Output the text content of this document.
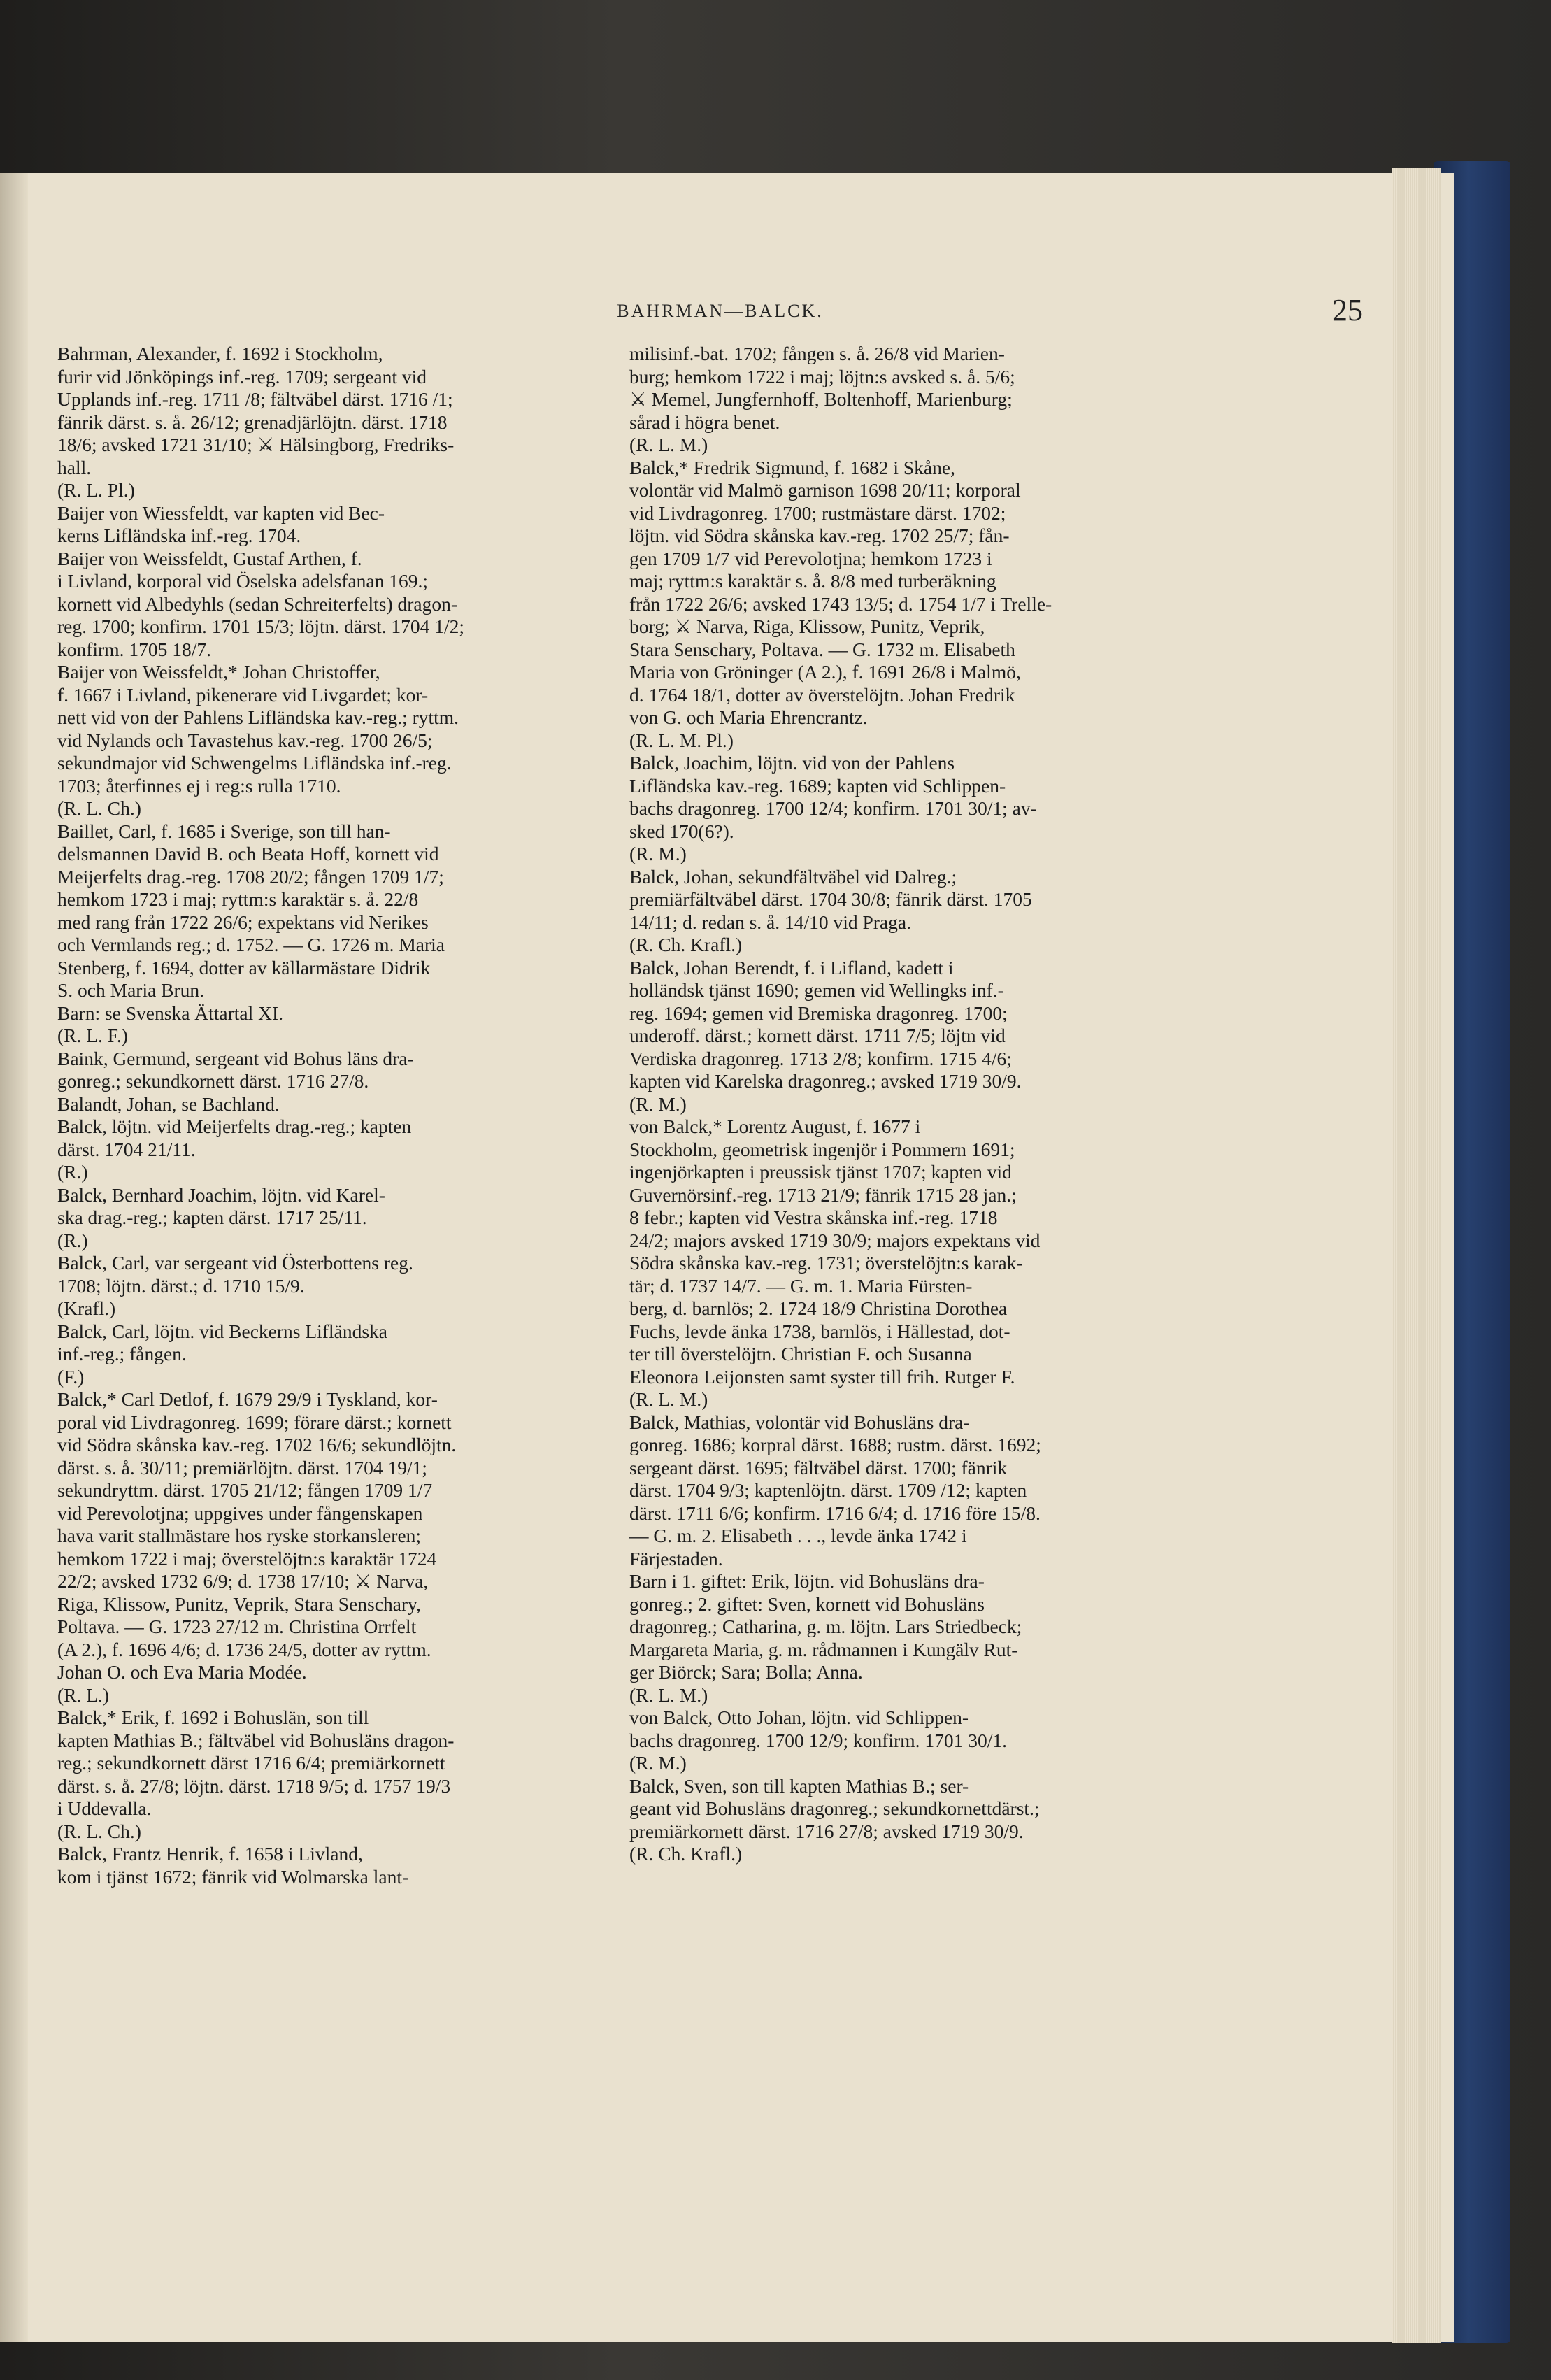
BAHRMAN—BALCK.	25
Bahrman, Alexander, f. 1692 i Stockholm,
furir vid Jönköpings inf.-reg. 1709; sergeant vid
Upplands inf.-reg. 1711 /8; fältväbel därst. 1716 /1;
fänrik därst. s. å. 26/12; grenadjärlöjtn. därst. 1718
18/6; avsked 1721 31/10; ⚔ Hälsingborg, Fredriks-
hall.
(R. L. Pl.)
Baijer von Wiessfeldt, var kapten vid Bec-
kerns Lifländska inf.-reg. 1704.
Baijer von Weissfeldt, Gustaf Arthen, f.
i Livland, korporal vid Öselska adelsfanan 169.;
kornett vid Albedyhls (sedan Schreiterfelts) dragon-
reg. 1700; konfirm. 1701 15/3; löjtn. därst. 1704 1/2;
konfirm. 1705 18/7.
Baijer von Weissfeldt,* Johan Christoffer,
f. 1667 i Livland, pikenerare vid Livgardet; kor-
nett vid von der Pahlens Lifländska kav.-reg.; ryttm.
vid Nylands och Tavastehus kav.-reg. 1700 26/5;
sekundmajor vid Schwengelms Lifländska inf.-reg.
1703; återfinnes ej i reg:s rulla 1710.
(R. L. Ch.)
Baillet, Carl, f. 1685 i Sverige, son till han-
delsmannen David B. och Beata Hoff, kornett vid
Meijerfelts drag.-reg. 1708 20/2; fången 1709 1/7;
hemkom 1723 i maj; ryttm:s karaktär s. å. 22/8
med rang från 1722 26/6; expektans vid Nerikes
och Vermlands reg.; d. 1752. — G. 1726 m. Maria
Stenberg, f. 1694, dotter av källarmästare Didrik
S. och Maria Brun.
Barn: se Svenska Ättartal XI.
(R. L. F.)
Baink, Germund, sergeant vid Bohus läns dra-
gonreg.; sekundkornett därst. 1716 27/8.
Balandt, Johan, se Bachland.
Balck, löjtn. vid Meijerfelts drag.-reg.; kapten
därst. 1704 21/11.
(R.)
Balck, Bernhard Joachim, löjtn. vid Karel-
ska drag.-reg.; kapten därst. 1717 25/11.
(R.)
Balck, Carl, var sergeant vid Österbottens reg.
1708; löjtn. därst.; d. 1710 15/9.
(Krafl.)
Balck, Carl, löjtn. vid Beckerns Lifländska
inf.-reg.; fången.
(F.)
Balck,* Carl Detlof, f. 1679 29/9 i Tyskland, kor-
poral vid Livdragonreg. 1699; förare därst.; kornett
vid Södra skånska kav.-reg. 1702 16/6; sekundlöjtn.
därst. s. å. 30/11; premiärlöjtn. därst. 1704 19/1;
sekundryttm. därst. 1705 21/12; fången 1709 1/7
vid Perevolotjna; uppgives under fångenskapen
hava varit stallmästare hos ryske storkansleren;
hemkom 1722 i maj; överstelöjtn:s karaktär 1724
22/2; avsked 1732 6/9; d. 1738 17/10; ⚔ Narva,
Riga, Klissow, Punitz, Veprik, Stara Senschary,
Poltava. — G. 1723 27/12 m. Christina Orrfelt
(A 2.), f. 1696 4/6; d. 1736 24/5, dotter av ryttm.
Johan O. och Eva Maria Modée.
(R. L.)
Balck,* Erik, f. 1692 i Bohuslän, son till
kapten Mathias B.; fältväbel vid Bohusläns dragon-
reg.; sekundkornett därst 1716 6/4; premiärkornett
därst. s. å. 27/8; löjtn. därst. 1718 9/5; d. 1757 19/3
i Uddevalla.
(R. L. Ch.)
Balck, Frantz Henrik, f. 1658 i Livland,
kom i tjänst 1672; fänrik vid Wolmarska lant-
milisinf.-bat. 1702; fången s. å. 26/8 vid Marien-
burg; hemkom 1722 i maj; löjtn:s avsked s. å. 5/6;
⚔ Memel, Jungfernhoff, Boltenhoff, Marienburg;
sårad i högra benet.
(R. L. M.)
Balck,* Fredrik Sigmund, f. 1682 i Skåne,
volontär vid Malmö garnison 1698 20/11; korporal
vid Livdragonreg. 1700; rustmästare därst. 1702;
löjtn. vid Södra skånska kav.-reg. 1702 25/7; fån-
gen 1709 1/7 vid Perevolotjna; hemkom 1723 i
maj; ryttm:s karaktär s. å. 8/8 med turberäkning
från 1722 26/6; avsked 1743 13/5; d. 1754 1/7 i Trelle-
borg; ⚔ Narva, Riga, Klissow, Punitz, Veprik,
Stara Senschary, Poltava. — G. 1732 m. Elisabeth
Maria von Gröninger (A 2.), f. 1691 26/8 i Malmö,
d. 1764 18/1, dotter av överstelöjtn. Johan Fredrik
von G. och Maria Ehrencrantz.
(R. L. M. Pl.)
Balck, Joachim, löjtn. vid von der Pahlens
Lifländska kav.-reg. 1689; kapten vid Schlippen-
bachs dragonreg. 1700 12/4; konfirm. 1701 30/1; av-
sked 170(6?).
(R. M.)
Balck, Johan, sekundfältväbel vid Dalreg.;
premiärfältväbel därst. 1704 30/8; fänrik därst. 1705
14/11; d. redan s. å. 14/10 vid Praga.
(R. Ch. Krafl.)
Balck, Johan Berendt, f. i Lifland, kadett i
holländsk tjänst 1690; gemen vid Wellingks inf.-
reg. 1694; gemen vid Bremiska dragonreg. 1700;
underoff. därst.; kornett därst. 1711 7/5; löjtn vid
Verdiska dragonreg. 1713 2/8; konfirm. 1715 4/6;
kapten vid Karelska dragonreg.; avsked 1719 30/9.
(R. M.)
von Balck,* Lorentz August, f. 1677 i
Stockholm, geometrisk ingenjör i Pommern 1691;
ingenjörkapten i preussisk tjänst 1707; kapten vid
Guvernörsinf.-reg. 1713 21/9; fänrik 1715 28 jan.;
8 febr.; kapten vid Vestra skånska inf.-reg. 1718
24/2; majors avsked 1719 30/9; majors expektans vid
Södra skånska kav.-reg. 1731; överstelöjtn:s karak-
tär; d. 1737 14/7. — G. m. 1. Maria Fürsten-
berg, d. barnlös; 2. 1724 18/9 Christina Dorothea
Fuchs, levde änka 1738, barnlös, i Hällestad, dot-
ter till överstelöjtn. Christian F. och Susanna
Eleonora Leijonsten samt syster till frih. Rutger F.
(R. L. M.)
Balck, Mathias, volontär vid Bohusläns dra-
gonreg. 1686; korpral därst. 1688; rustm. därst. 1692;
sergeant därst. 1695; fältväbel därst. 1700; fänrik
därst. 1704 9/3; kaptenlöjtn. därst. 1709 /12; kapten
därst. 1711 6/6; konfirm. 1716 6/4; d. 1716 före 15/8.
— G. m. 2. Elisabeth . . ., levde änka 1742 i
Färjestaden.
Barn i 1. giftet: Erik, löjtn. vid Bohusläns dra-
gonreg.; 2. giftet: Sven, kornett vid Bohusläns
dragonreg.; Catharina, g. m. löjtn. Lars Striedbeck;
Margareta Maria, g. m. rådmannen i Kungälv Rut-
ger Biörck; Sara; Bolla; Anna.
(R. L. M.)
von Balck, Otto Johan, löjtn. vid Schlippen-
bachs dragonreg. 1700 12/9; konfirm. 1701 30/1.
(R. M.)
Balck, Sven, son till kapten Mathias B.; ser-
geant vid Bohusläns dragonreg.; sekundkornettdärst.;
premiärkornett därst. 1716 27/8; avsked 1719 30/9.
(R. Ch. Krafl.)
